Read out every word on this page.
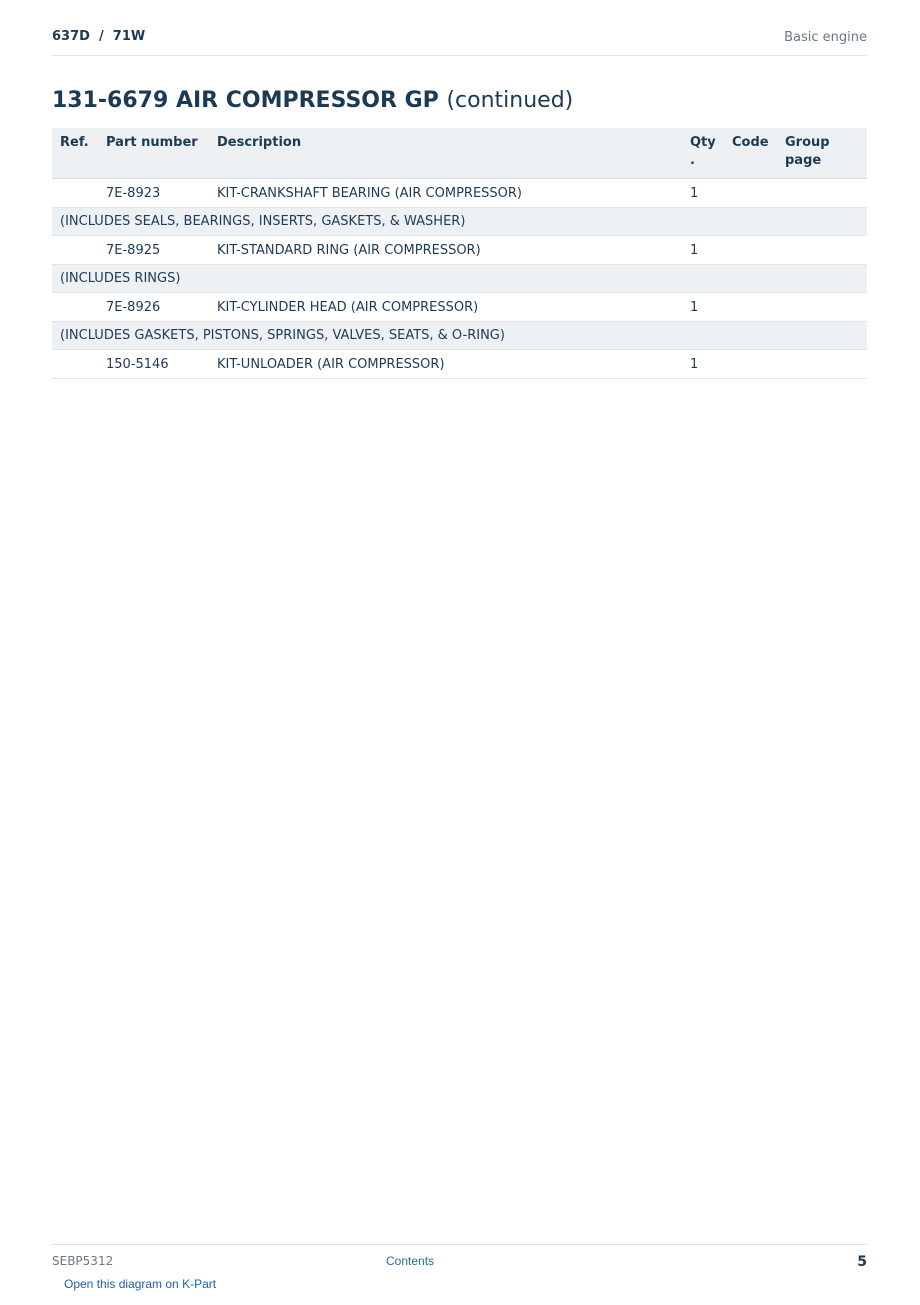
637D  /  71W	Basic engine
131-6679 AIR COMPRESSOR GP (continued)
Ref.	Part number	Description	Qty .	Code	Group page
	7E-8923	KIT-CRANKSHAFT BEARING (AIR COMPRESSOR)	1		
(INCLUDES SEALS, BEARINGS, INSERTS, GASKETS, & WASHER)					
	7E-8925	KIT-STANDARD RING (AIR COMPRESSOR)	1		
(INCLUDES RINGS)					
	7E-8926	KIT-CYLINDER HEAD (AIR COMPRESSOR)	1		
(INCLUDES GASKETS, PISTONS, SPRINGS, VALVES, SEATS, & O-RING)					
	150-5146	KIT-UNLOADER (AIR COMPRESSOR)	1		
SEBP5312	Contents	5
Open this diagram on K-Part
